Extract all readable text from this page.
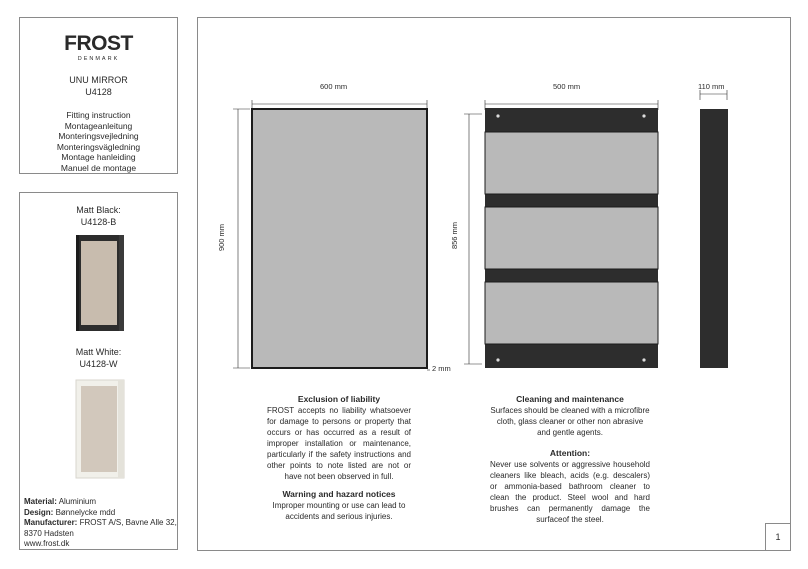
FROST
DENMARK
UNU MIRROR
U4128
Fitting instruction
Montageanleitung
Monteringsvejledning
Monteringsvägledning
Montage hanleiding
Manuel de montage
Matt Black:
U4128-B
Matt White:
U4128-W
Material: Aluminium
Design: Bønnelycke mdd
Manufacturer: FROST A/S, Bavne Alle 32,
8370 Hadsten
www.frost.dk
600 mm
900 mm
2 mm
500 mm
856 mm
110 mm
Exclusion of liability
FROST accepts no liability whatsoever for damage to persons or property that occurs or has occurred as a result of improper installation or maintenance, particularly if the safety instructions and other points to note listed are not or have not been observed in full.
Warning and hazard notices
Improper mounting or use can lead to accidents and serious injuries.
Cleaning and maintenance
Surfaces should be cleaned with a microfibre cloth, glass cleaner or other non abrasive and gentle agents.
Attention:
Never use solvents or aggressive household cleaners like bleach, acids (e.g. descalers) or ammonia-based bathroom cleaner to clean the product. Steel wool and hard brushes can permanently damage the surfaceof the steel.
1
